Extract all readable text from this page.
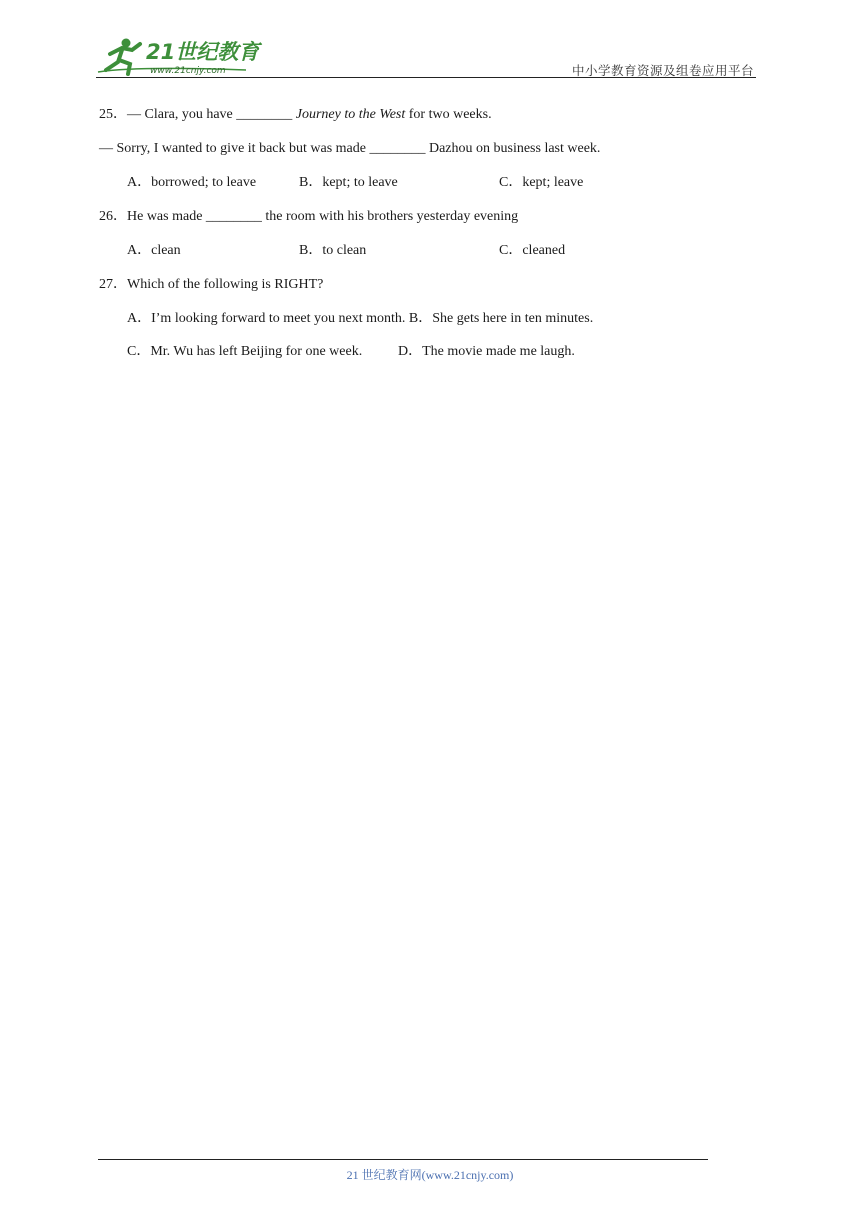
21世纪教育
www.21cnjy.com	中小学教育资源及组卷应用平台
25．— Clara, you have ________ Journey to the West for two weeks.
— Sorry, I wanted to give it back but was made ________ Dazhou on business last week.
A．borrowed; to leave	B．kept; to leave	C．kept; leave
26．He was made ________ the room with his brothers yesterday evening
A．clean	B．to clean	C．cleaned
27．Which of the following is RIGHT?
A．I’m looking forward to meet you next month. B．She gets here in ten minutes.
C．Mr. Wu has left Beijing for one week.	D．The movie made me laugh.
21 世纪教育网(www.21cnjy.com)
